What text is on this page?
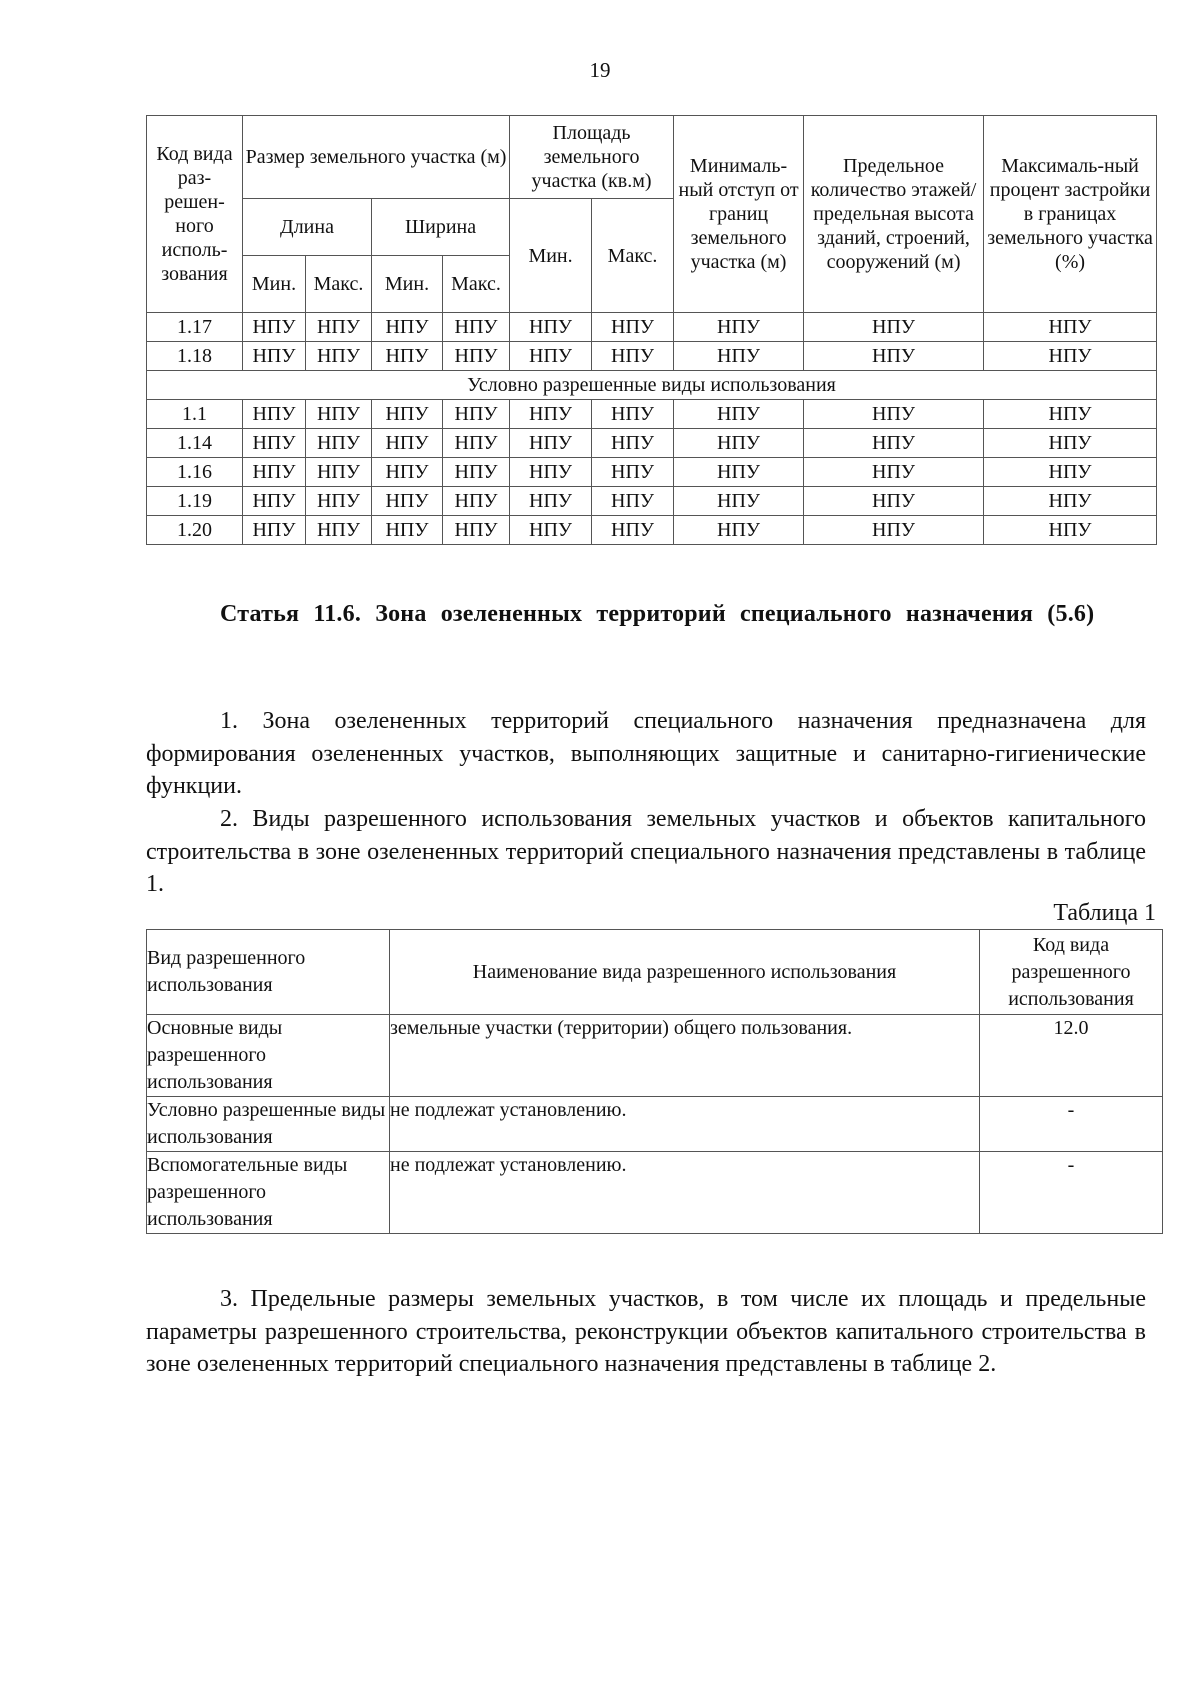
19
Код вида раз-решен-ного исполь-зования	Размер земельного участка (м)				Площадь земельного участка (кв.м)		Минималь-ный отступ от границ земельного участка (м)	Предельное количество этажей/ предельная высота зданий, строений, сооружений (м)	Максималь-ный процент застройки в границах земельного участка (%)
	Длина		Ширина		Мин.	Макс.			
	Мин.	Макс.	Мин.	Макс.					
1.17	НПУ	НПУ	НПУ	НПУ	НПУ	НПУ	НПУ	НПУ	НПУ
1.18	НПУ	НПУ	НПУ	НПУ	НПУ	НПУ	НПУ	НПУ	НПУ
Условно разрешенные виды использования									
1.1	НПУ	НПУ	НПУ	НПУ	НПУ	НПУ	НПУ	НПУ	НПУ
1.14	НПУ	НПУ	НПУ	НПУ	НПУ	НПУ	НПУ	НПУ	НПУ
1.16	НПУ	НПУ	НПУ	НПУ	НПУ	НПУ	НПУ	НПУ	НПУ
1.19	НПУ	НПУ	НПУ	НПУ	НПУ	НПУ	НПУ	НПУ	НПУ
1.20	НПУ	НПУ	НПУ	НПУ	НПУ	НПУ	НПУ	НПУ	НПУ
Статья 11.6. Зона озелененных территорий специального назначения (5.6)
1. Зона озелененных территорий специального назначения предназначена для формирования озелененных участков, выполняющих защитные и санитарно-гигиенические функции.
2. Виды разрешенного использования земельных участков и объектов капитального строительства в зоне озелененных территорий специального назначения представлены в таблице 1.
Таблица 1
Вид разрешенного использования	Наименование вида разрешенного использования	Код вида разрешенного использования
Основные виды разрешенного использования	земельные участки (территории) общего пользования.	12.0
Условно разрешенные виды использования	не подлежат установлению.	-
Вспомогательные виды разрешенного использования	не подлежат установлению.	-
3. Предельные размеры земельных участков, в том числе их площадь и предельные параметры разрешенного строительства, реконструкции объектов капитального строительства в зоне озелененных территорий специального назначения представлены в таблице 2.
